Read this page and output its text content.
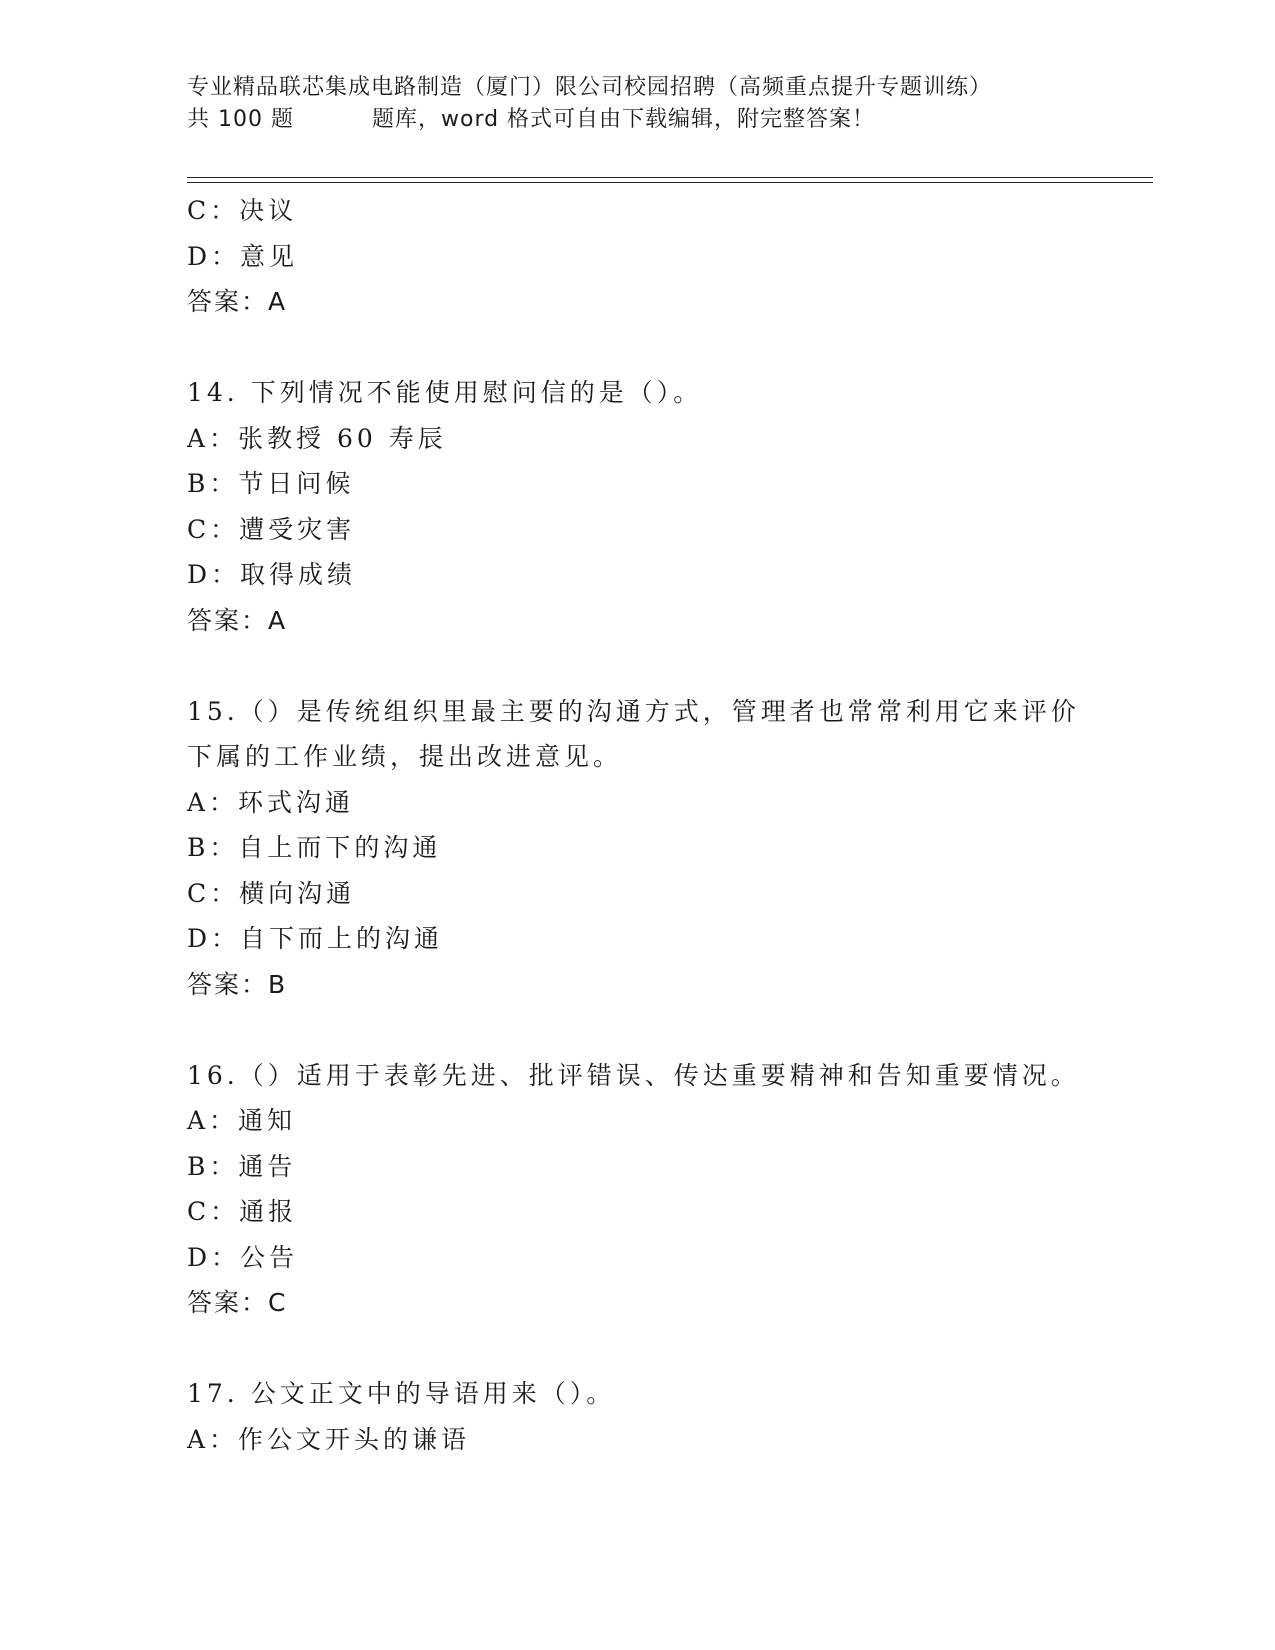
专业精品联芯集成电路制造（厦门）限公司校园招聘（高频重点提升专题训练）
共 100 题	题库，word 格式可自由下载编辑，附完整答案！
C：决议
D：意见
答案：A
14. 下列情况不能使用慰问信的是（）。
A：张教授 60 寿辰
B：节日问候
C：遭受灾害
D：取得成绩
答案：A
15.（）是传统组织里最主要的沟通方式，管理者也常常利用它来评价
下属的工作业绩，提出改进意见。
A：环式沟通
B：自上而下的沟通
C：横向沟通
D：自下而上的沟通
答案：B
16.（）适用于表彰先进、批评错误、传达重要精神和告知重要情况。
A：通知
B：通告
C：通报
D：公告
答案：C
17. 公文正文中的导语用来（）。
A：作公文开头的谦语
